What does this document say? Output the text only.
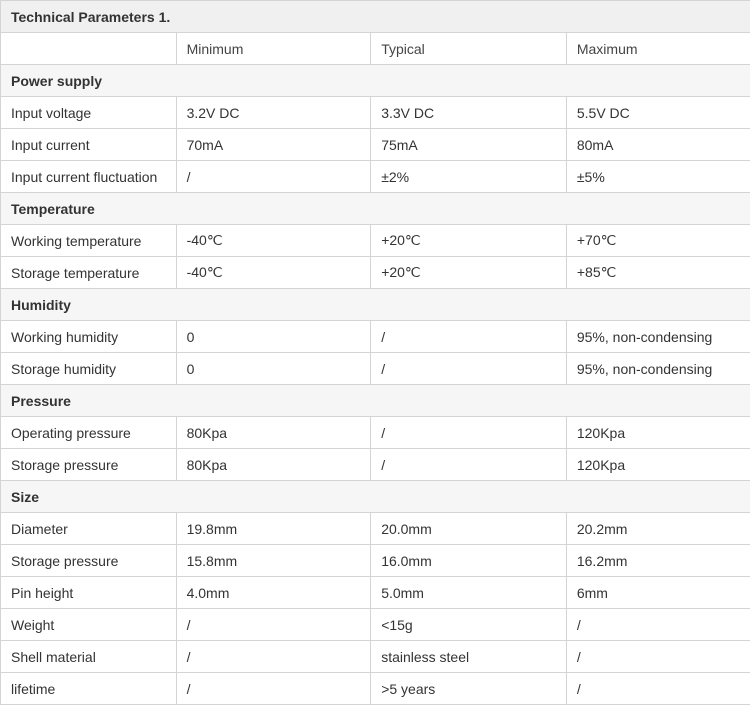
Technical Parameters 1.			
	Minimum	Typical	Maximum
Power supply			
Input voltage	3.2V DC	3.3V DC	5.5V DC
Input current	70mA	75mA	80mA
Input current fluctuation	/	±2%	±5%
Temperature			
Working temperature	-40℃	+20℃	+70℃
Storage temperature	-40℃	+20℃	+85℃
Humidity			
Working humidity	0	/	95%, non-condensing
Storage humidity	0	/	95%, non-condensing
Pressure			
Operating pressure	80Kpa	/	120Kpa
Storage pressure	80Kpa	/	120Kpa
Size			
Diameter	19.8mm	20.0mm	20.2mm
Storage pressure	15.8mm	16.0mm	16.2mm
Pin height	4.0mm	5.0mm	6mm
Weight	/	<15g	/
Shell material	/	stainless steel	/
lifetime	/	>5 years	/
